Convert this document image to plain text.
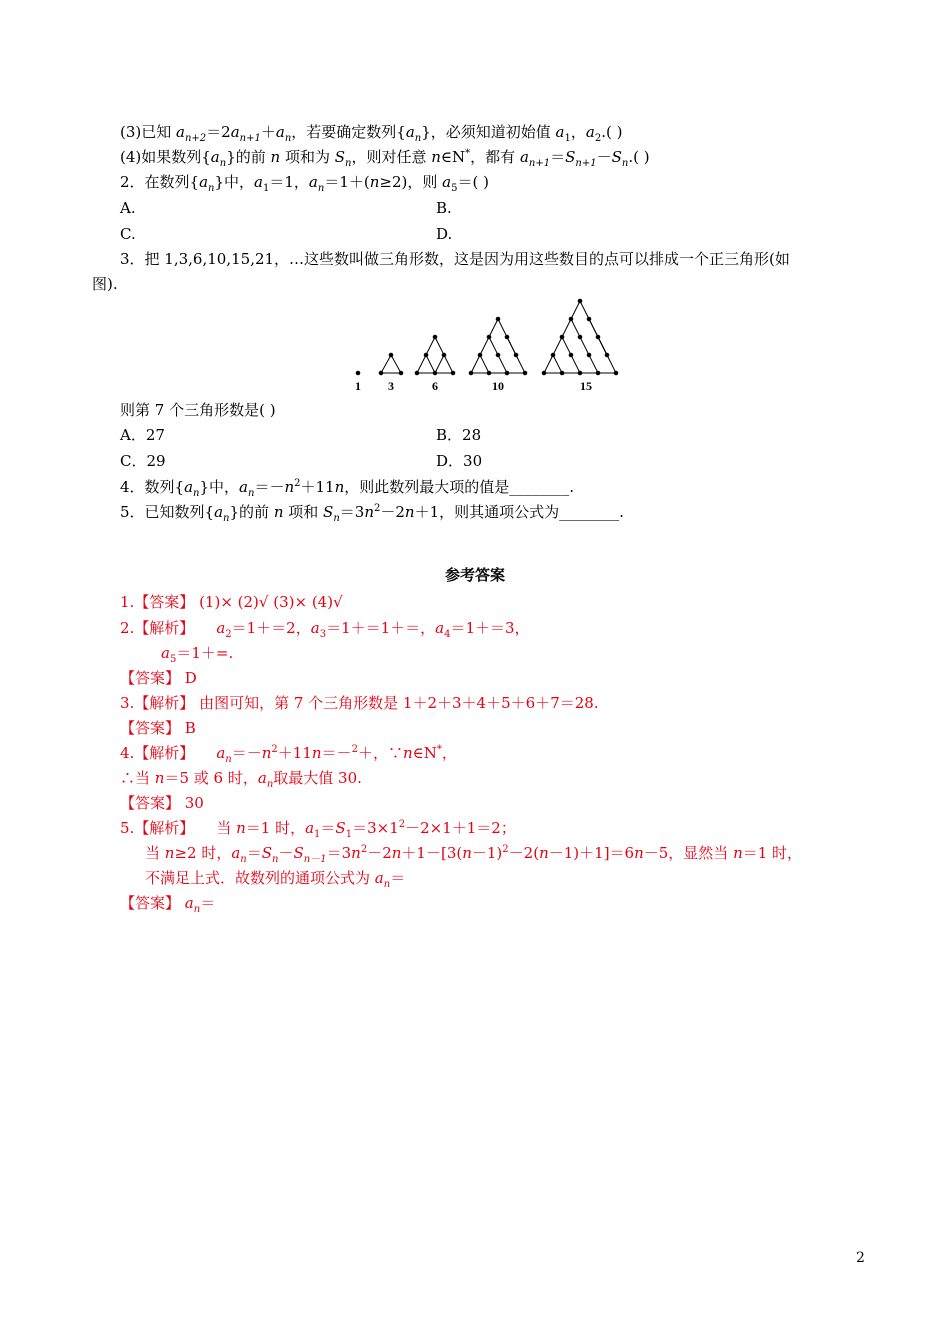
(3)已知 $a_{n+2}=2a_{n+1}+a_n$，若要确定数列$\{a_n\}$，必须知道初始值 $a_1$，$a_2$.( )
(4)如果数列$\{a_n\}$的前 n 项和为 $S_n$，则对任意 n∈N*，都有 $a_{n+1}=S_{n+1}-S_n$.( )
2．在数列$\{a_n\}$中，$a_1=1$，$a_n=1+(n\ge 2)$，则 $a_5=$( )
A.	B.
C.	D.
3．把 1,3,6,10,15,21，…这些数叫做三角形数，这是因为用这些数目的点可以排成一个正三角形(如
图).
1 3	6	10	15
则第 7 个三角形数是( )
A．27	B．28
C．29	D．30
4．数列$\{a_n\}$中，$a_n=-n^2+11n$，则此数列最大项的值是________.
5．已知数列$\{a_n\}$的前 n 项和 $S_n=3n^2-2n+1$，则其通项公式为________.
参考答案
1.【答案】 (1)× (2)√ (3)× (4)√
2.【解析】 $a_2=1+=2$，$a_3=1+=1+=$，$a_4=1+=3$，
$a_5=1+=$.
【答案】 D
3.【解析】 由图可知，第 7 个三角形数是 1＋2＋3＋4＋5＋6＋7＝28.
【答案】 B
4.【解析】 $a_n=-n^2+11n=-^2+$，∵n∈N*，
∴当 n＝5 或 6 时，$a_n$取最大值 30.
【答案】 30
5.【解析】 当 n＝1 时，$a_1=S_1=3\times 1^2-2\times 1+1=2$；
当 n≥2 时，$a_n=S_n-S_{n-1}=3n^2-2n+1-[3(n-1)^2-2(n-1)+1]=6n-5$，显然当 n＝1 时，
不满足上式．故数列的通项公式为 $a_n=$
【答案】 $a_n=$
2
